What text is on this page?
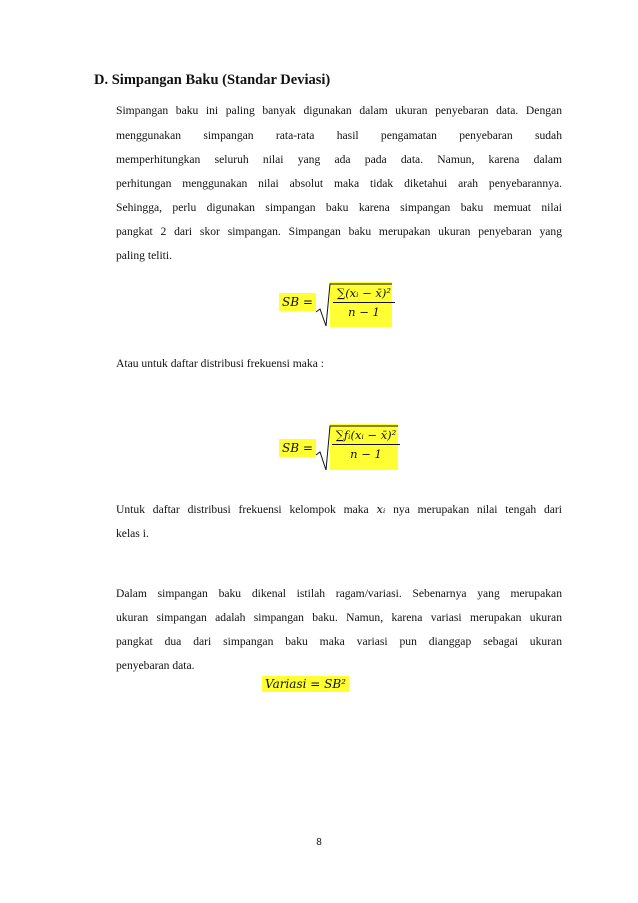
D. Simpangan Baku (Standar Deviasi)
Simpangan baku ini paling banyak digunakan dalam ukuran penyebaran data. Dengan
menggunakan simpangan rata-rata hasil pengamatan penyebaran sudah
memperhitungkan seluruh nilai yang ada pada data. Namun, karena dalam
perhitungan menggunakan nilai absolut maka tidak diketahui arah penyebarannya.
Sehingga, perlu digunakan simpangan baku karena simpangan baku memuat nilai
pangkat 2 dari skor simpangan. Simpangan baku merupakan ukuran penyebaran yang
paling teliti.
SB = $\frac{\text{∑(xᵢ − x̄)²}}{n - 1}$
Atau untuk daftar distribusi frekuensi maka :
SB = $\frac{\text{∑fᵢ(xᵢ − x̄)²}}{n - 1}$
Untuk daftar distribusi frekuensi kelompok maka xᵢ nya merupakan nilai tengah dari
kelas i.
Dalam simpangan baku dikenal istilah ragam/variasi. Sebenarnya yang merupakan
ukuran simpangan adalah simpangan baku. Namun, karena variasi merupakan ukuran
pangkat dua dari simpangan baku maka variasi pun dianggap sebagai ukuran
penyebaran data.
Variasi = SB²
8
